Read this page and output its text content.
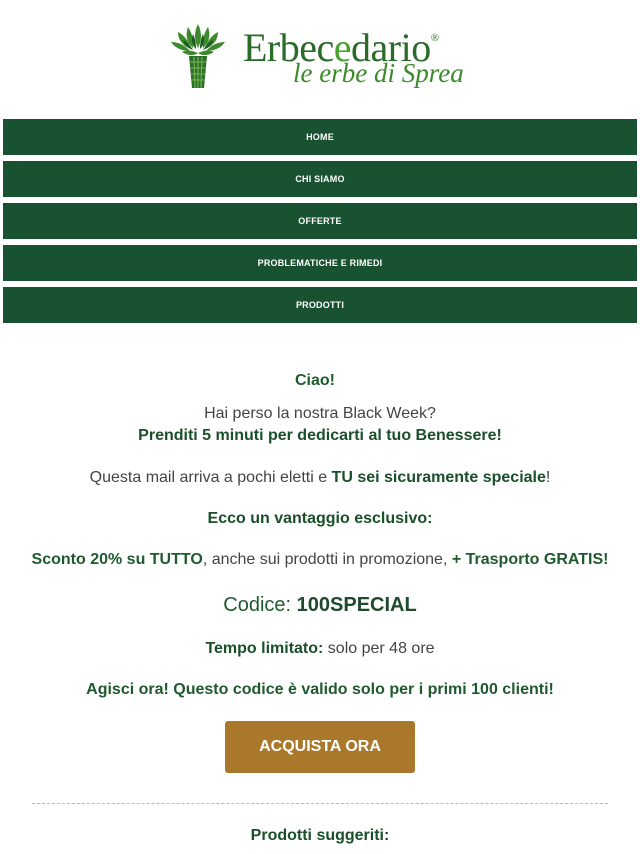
Erbecedario®
le erbe di Sprea
HOME
CHI SIAMO
OFFERTE
PROBLEMATICHE E RIMEDI
PRODOTTI
Ciao!

Hai perso la nostra Black Week?

Prenditi 5 minuti per dedicarti al tuo Benessere!

Questa mail arriva a pochi eletti e TU sei sicuramente speciale!

Ecco un vantaggio esclusivo:

Sconto 20% su TUTTO, anche sui prodotti in promozione, + Trasporto GRATIS!

Codice: 100SPECIAL

Tempo limitato: solo per 48 ore

Agisci ora! Questo codice è valido solo per i primi 100 clienti!

ACQUISTA ORA

Prodotti suggeriti:
